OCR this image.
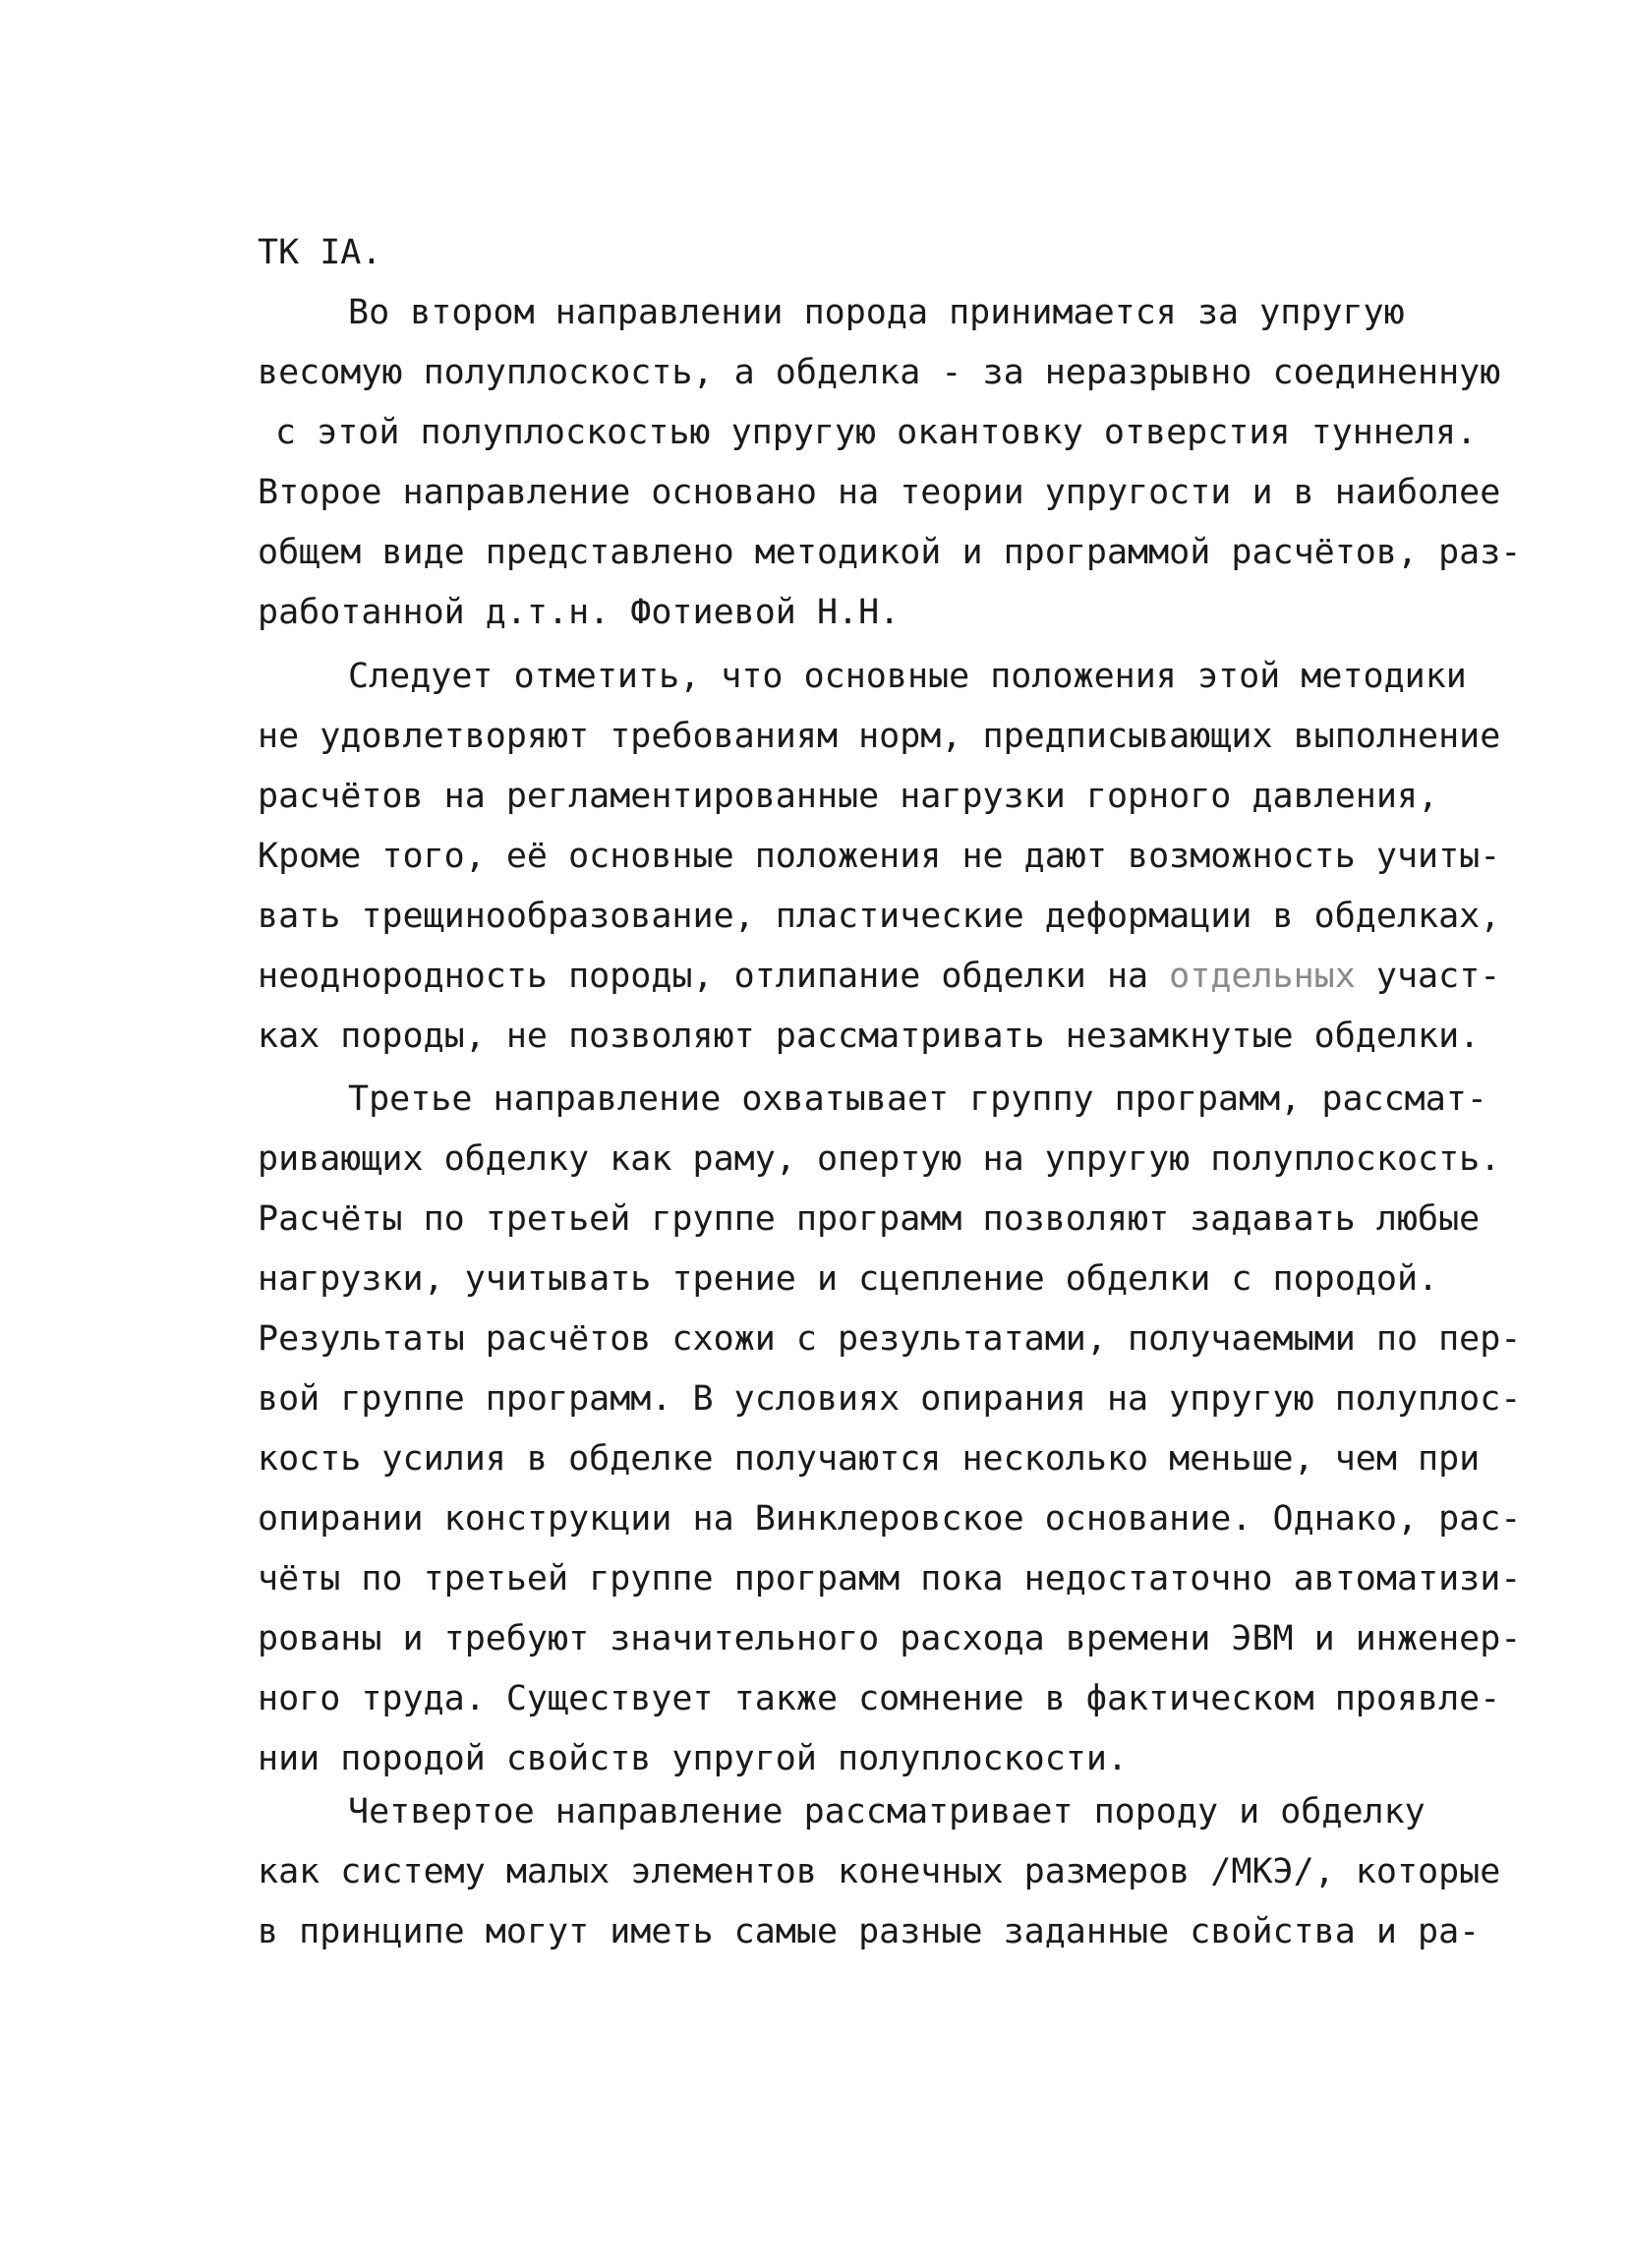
ТК IA.
Во втором направлении порода принимается за упругую
весомую полуплоскость, а обделка - за неразрывно соединенную
с этой полуплоскостью упругую окантовку отверстия туннеля.
Второе направление основано на теории упругости и в наиболее
общем виде представлено методикой и программой расчётов, раз-
работанной д.т.н. Фотиевой Н.Н.
Следует отметить, что основные положения этой методики
не удовлетворяют требованиям норм, предписывающих выполнение
расчётов на регламентированные нагрузки горного давления,
Кроме того, её основные положения не дают возможность учиты-
вать трещинообразование, пластические деформации в обделках,
неоднородность породы, отлипание обделки на отдельных участ-
ках породы, не позволяют рассматривать незамкнутые обделки.
Третье направление охватывает группу программ, рассмат-
ривающих обделку как раму, опертую на упругую полуплоскость.
Расчёты по третьей группе программ позволяют задавать любые
нагрузки, учитывать трение и сцепление обделки с породой.
Результаты расчётов схожи с результатами, получаемыми по пер-
вой группе программ. В условиях опирания на упругую полуплос-
кость усилия в обделке получаются несколько меньше, чем при
опирании конструкции на Винклеровское основание. Однако, рас-
чёты по третьей группе программ пока недостаточно автоматизи-
рованы и требуют значительного расхода времени ЭВМ и инженер-
ного труда. Существует также сомнение в фактическом проявле-
нии породой свойств упругой полуплоскости.
Четвертое направление рассматривает породу и обделку
как систему малых элементов конечных размеров /МКЭ/, которые
в принципе могут иметь самые разные заданные свойства и ра-
